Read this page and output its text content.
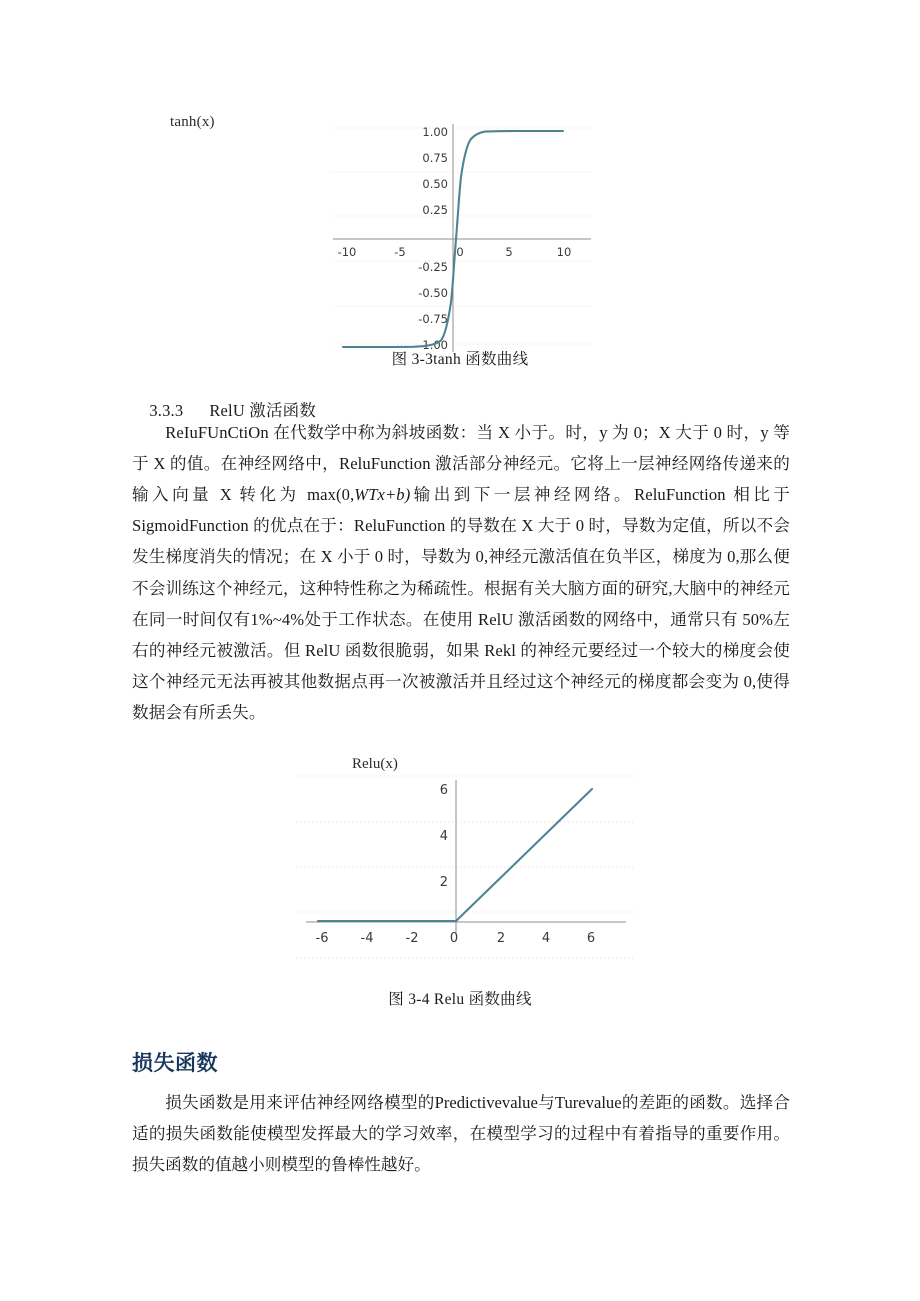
tanh(x)
1.00
0.75
0.50
0.25
-0.25
-0.50
-0.75
-1.00
-10	-5	0	5	10
图 3-3tanh 函数曲线

3.3.3 RelU 激活函数

ReIuFUnCtiOn 在代数学中称为斜坡函数：当 X 小于。时，y 为 0；X 大于 0 时，y 等于 X 的值。在神经网络中，ReluFunction 激活部分神经元。它将上一层神经网络传递来的输入向量 X 转化为 max(0,WTx+b)输出到下一层神经网络。ReluFunction 相比于 SigmoidFunction 的优点在于：ReluFunction 的导数在 X 大于 0 时，导数为定值，所以不会发生梯度消失的情况；在 X 小于 0 时，导数为 0,神经元激活值在负半区，梯度为 0,那么便不会训练这个神经元，这种特性称之为稀疏性。根据有关大脑方面的研究,大脑中的神经元在同一时间仅有1%~4%处于工作状态。在使用 RelU 激活函数的网络中，通常只有 50%左右的神经元被激活。但 RelU 函数很脆弱，如果 Rekl 的神经元要经过一个较大的梯度会使这个神经元无法再被其他数据点再一次被激活并且经过这个神经元的梯度都会变为 0,使得数据会有所丢失。

Relu(x)
6
4
2
-6 -4 -2 0	2	4	6
图 3-4 Relu 函数曲线
损失函数

损失函数是用来评估神经网络模型的Predictivevalue与Turevalue的差距的函数。选择合适的损失函数能使模型发挥最大的学习效率，在模型学习的过程中有着指导的重要作用。损失函数的值越小则模型的鲁棒性越好。
